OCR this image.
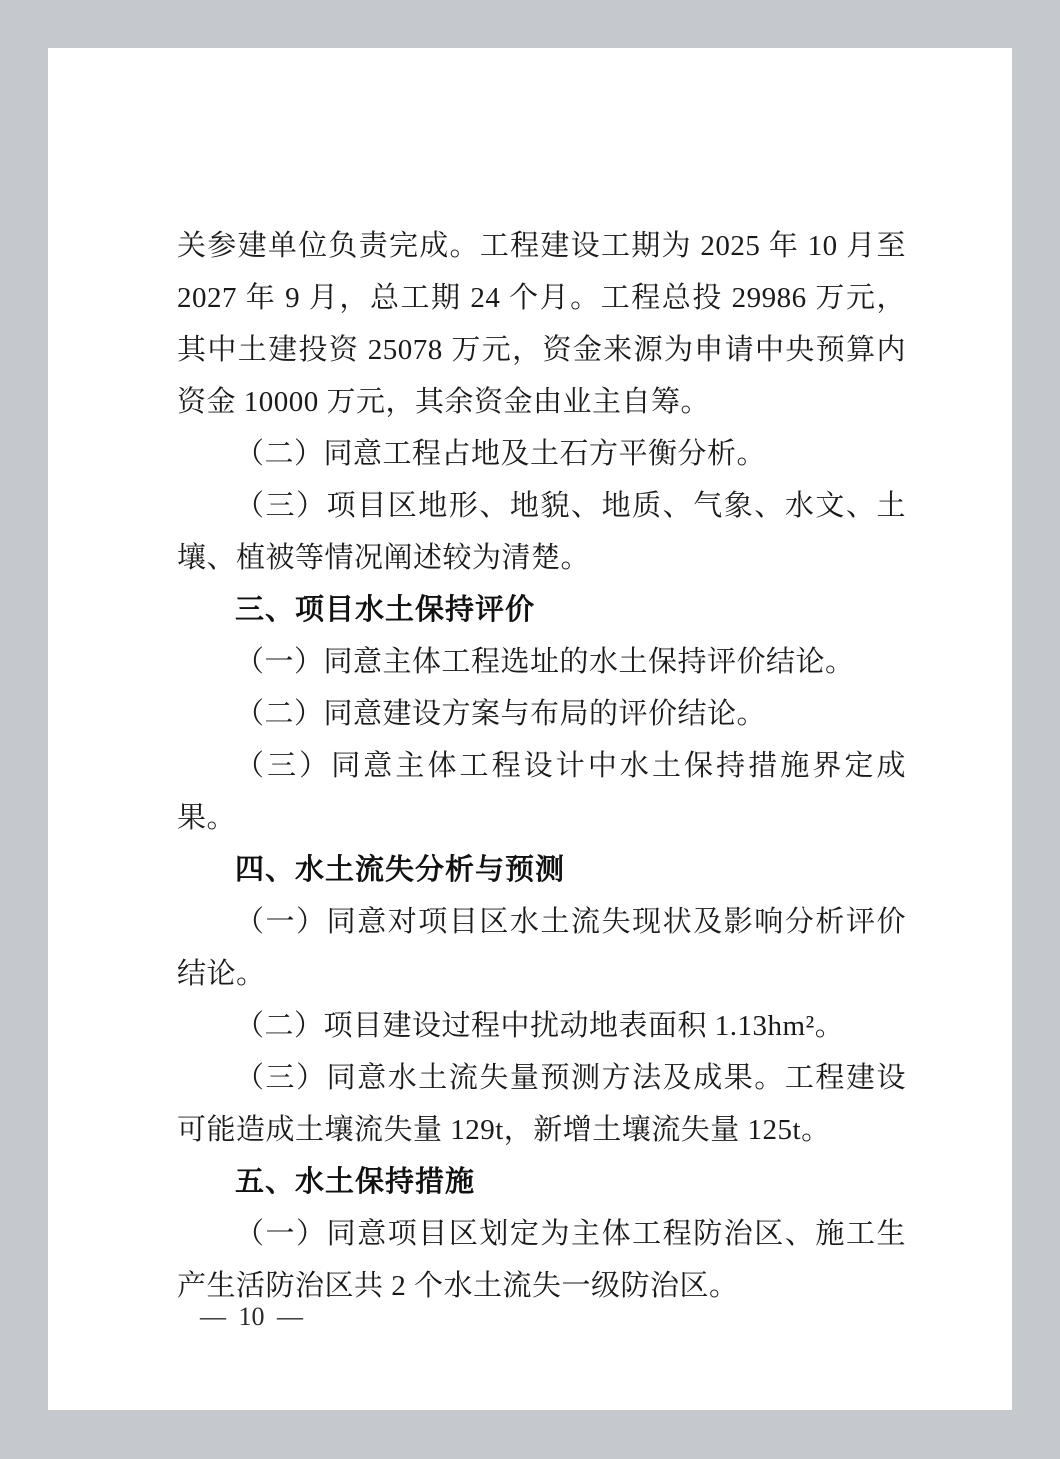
关参建单位负责完成。工程建设工期为 2025 年 10 月至 2027 年 9 月，总工期 24 个月。工程总投 29986 万元，其中土建投资 25078 万元，资金来源为申请中央预算内资金 10000 万元，其余资金由业主自筹。

（二）同意工程占地及土石方平衡分析。

（三）项目区地形、地貌、地质、气象、水文、土壤、植被等情况阐述较为清楚。

三、项目水土保持评价

（一）同意主体工程选址的水土保持评价结论。

（二）同意建设方案与布局的评价结论。

（三）同意主体工程设计中水土保持措施界定成果。

四、水土流失分析与预测

（一）同意对项目区水土流失现状及影响分析评价结论。

（二）项目建设过程中扰动地表面积 1.13hm²。

（三）同意水土流失量预测方法及成果。工程建设可能造成土壤流失量 129t，新增土壤流失量 125t。

五、水土保持措施

（一）同意项目区划定为主体工程防治区、施工生产生活防治区共 2 个水土流失一级防治区。

— 10 —
